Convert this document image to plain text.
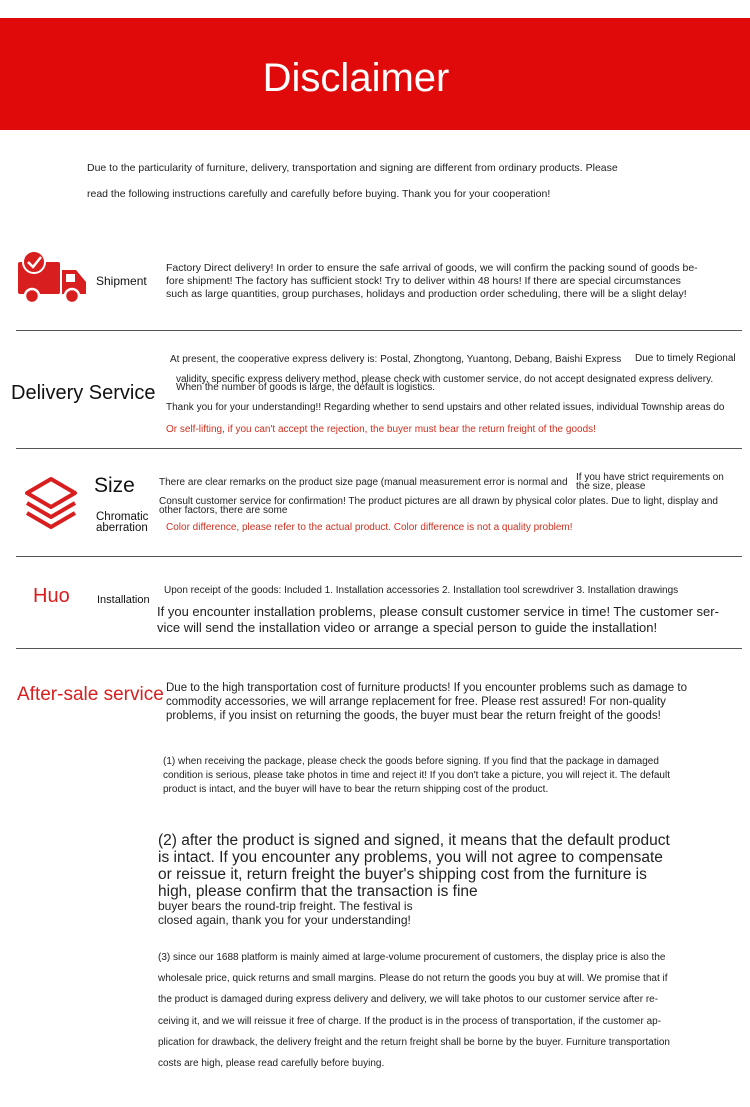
Disclaimer
Due to the particularity of furniture, delivery, transportation and signing are different from ordinary products. Please
read the following instructions carefully and carefully before buying. Thank you for your cooperation!
Shipment
Factory Direct delivery! In order to ensure the safe arrival of goods, we will confirm the packing sound of goods be-
fore shipment! The factory has sufficient stock! Try to deliver within 48 hours! If there are special circumstances
such as large quantities, group purchases, holidays and production order scheduling, there will be a slight delay!
Delivery Service
At present, the cooperative express delivery is: Postal, Zhongtong, Yuantong, Debang, Baishi Express	Due to timely Regional
validity, specific express delivery method, please check with customer service, do not accept designated express delivery.
When the number of goods is large, the default is logistics.
Thank you for your understanding!! Regarding whether to send upstairs and other related issues, individual Township areas do
Or self-lifting, if you can't accept the rejection, the buyer must bear the return freight of the goods!
Size
Chromatic
aberration
There are clear remarks on the product size page (manual measurement error is normal and If you have strict requirements on
the size, please
Consult customer service for confirmation! The product pictures are all drawn by physical color plates. Due to light, display and
other factors, there are some
Color difference, please refer to the actual product. Color difference is not a quality problem!
Huo Installation
Upon receipt of the goods: Included 1. Installation accessories 2. Installation tool screwdriver 3. Installation drawings
If you encounter installation problems, please consult customer service in time! The customer ser-
vice will send the installation video or arrange a special person to guide the installation!
After-sale service Due to the high transportation cost of furniture products! If you encounter problems such as damage to
commodity accessories, we will arrange replacement for free. Please rest assured! For non-quality
problems, if you insist on returning the goods, the buyer must bear the return freight of the goods!
(1) when receiving the package, please check the goods before signing. If you find that the package in damaged
condition is serious, please take photos in time and reject it! If you don't take a picture, you will reject it. The default
product is intact, and the buyer will have to bear the return shipping cost of the product.
(2) after the product is signed and signed, it means that the default product
is intact. If you encounter any problems, you will not agree to compensate
or reissue it, return freight the buyer's shipping cost from the furniture is
high, please confirm that the transaction is fine
buyer bears the round-trip freight. The festival is
closed again, thank you for your understanding!
(3) since our 1688 platform is mainly aimed at large-volume procurement of customers, the display price is also the
wholesale price, quick returns and small margins. Please do not return the goods you buy at will. We promise that if
the product is damaged during express delivery and delivery, we will take photos to our customer service after re-
ceiving it, and we will reissue it free of charge. If the product is in the process of transportation, if the customer ap-
plication for drawback, the delivery freight and the return freight shall be borne by the buyer. Furniture transportation
costs are high, please read carefully before buying.
